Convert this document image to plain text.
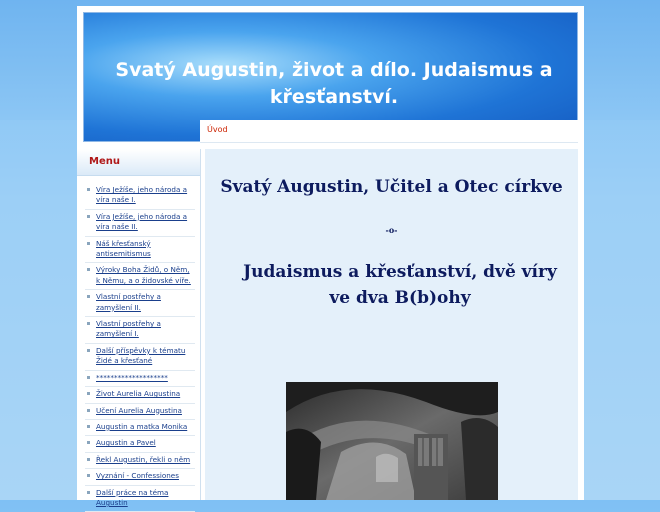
Svatý Augustin, život a dílo. Judaismus a křesťanství.
Úvod
Menu
Víra Ježíše, jeho národa a víra naše I.
Víra Ježíše, jeho národa a víra naše II.
Náš křesťanský antisemitismus
Výroky Boha Židů, o Něm, k Němu, a o židovské víře.
Vlastní postřehy a zamyšlení II.
Vlastní postřehy a zamyšlení I.
Další příspěvky k tématu Židé a křesťané
********************
Život Aurelia Augustina
Učení Aurelia Augustina
Augustin a matka Monika
Augustin a Pavel
Řekl Augustin, řekli o něm
Vyznání - Confessiones
Další práce na téma Augustin
Svatý Augustin, Učitel a Otec církve
-o-
Judaismus a křesťanství, dvě víry ve dva B(b)ohy
